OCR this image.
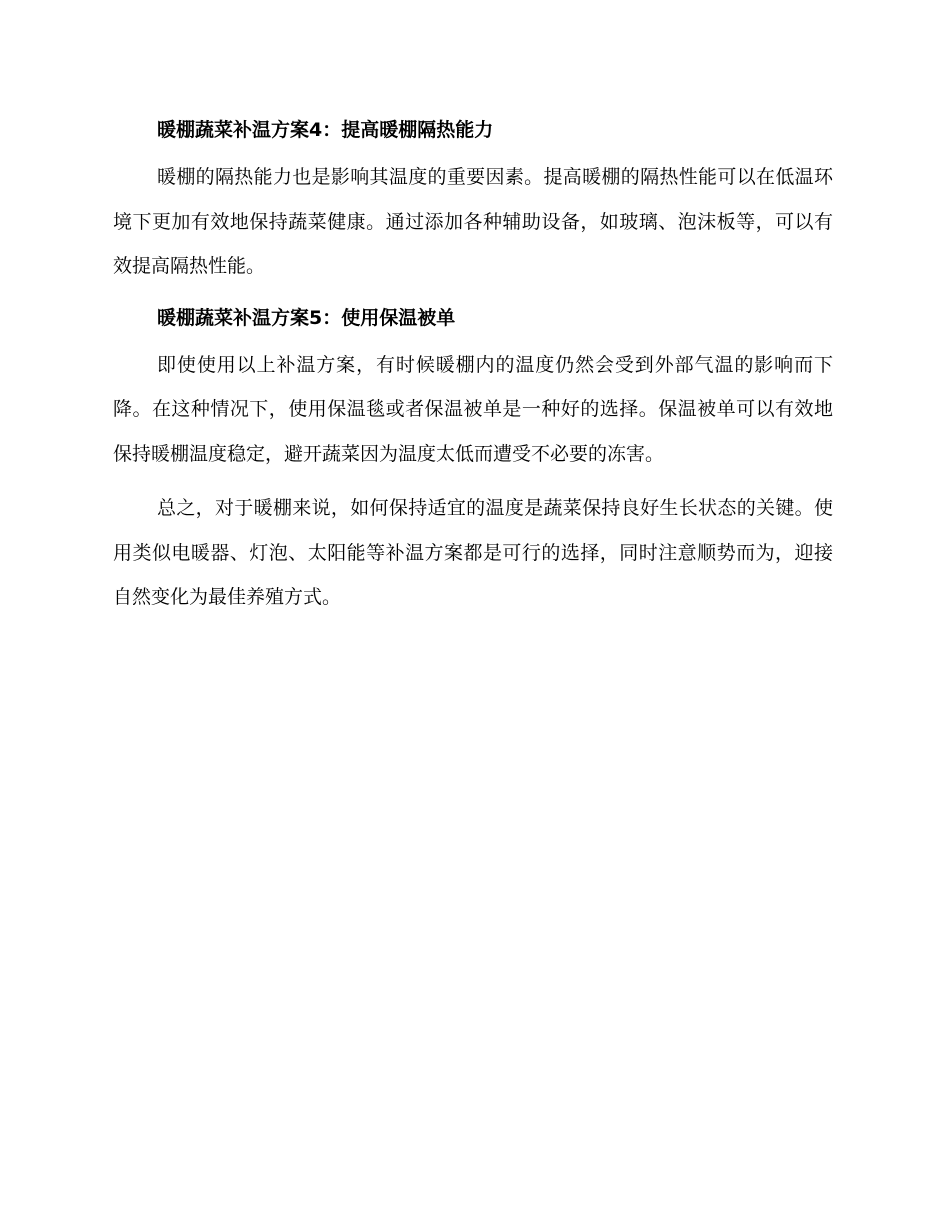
暖棚蔬菜补温方案4：提高暖棚隔热能力

暖棚的隔热能力也是影响其温度的重要因素。提高暖棚的隔热性能可以在低温环境下更加有效地保持蔬菜健康。通过添加各种辅助设备，如玻璃、泡沫板等，可以有效提高隔热性能。

暖棚蔬菜补温方案5：使用保温被单

即使使用以上补温方案，有时候暖棚内的温度仍然会受到外部气温的影响而下降。在这种情况下，使用保温毯或者保温被单是一种好的选择。保温被单可以有效地保持暖棚温度稳定，避开蔬菜因为温度太低而遭受不必要的冻害。

总之，对于暖棚来说，如何保持适宜的温度是蔬菜保持良好生长状态的关键。使用类似电暖器、灯泡、太阳能等补温方案都是可行的选择，同时注意顺势而为，迎接自然变化为最佳养殖方式。
